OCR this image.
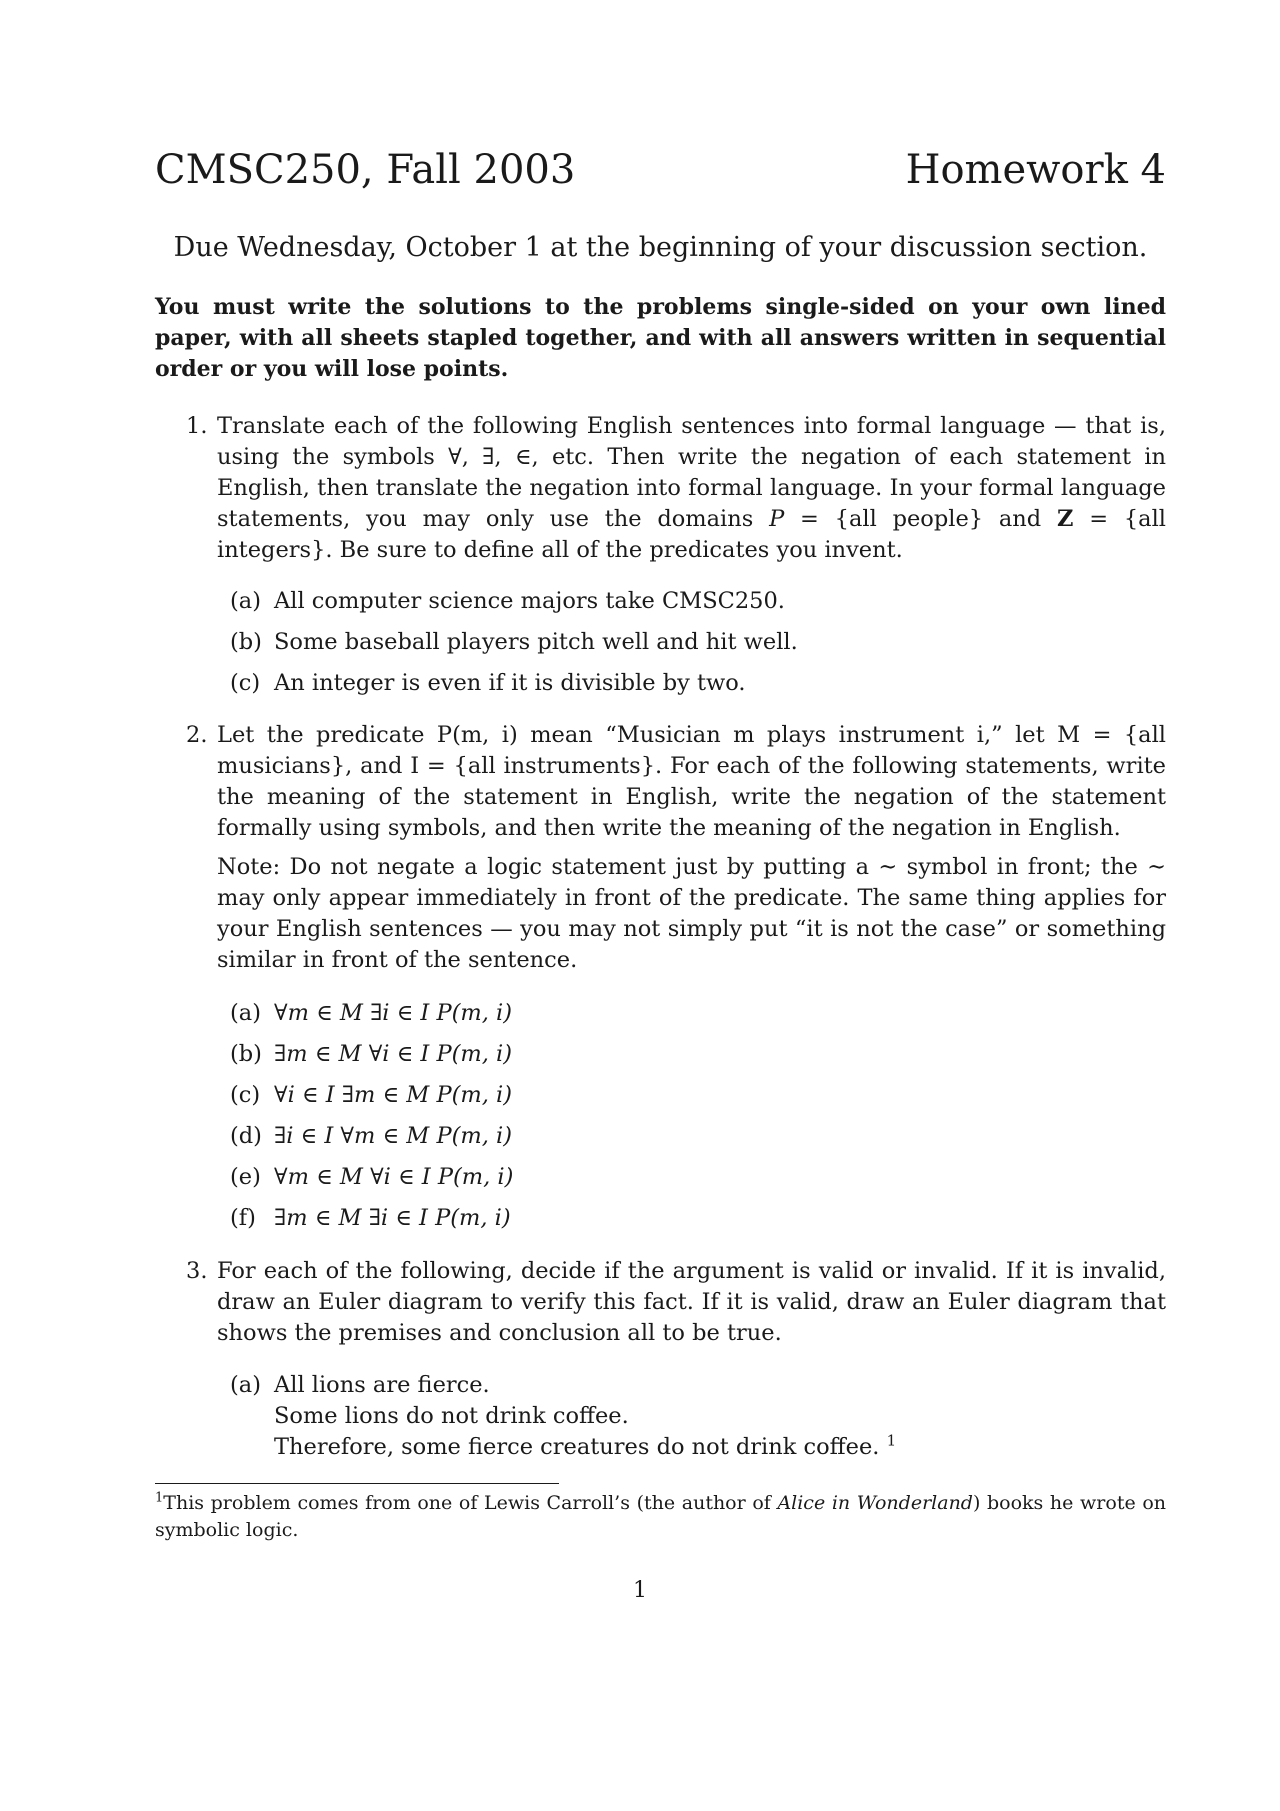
CMSC250, Fall 2003	Homework 4
Due Wednesday, October 1 at the beginning of your discussion section.
You must write the solutions to the problems single-sided on your own lined paper, with all sheets stapled together, and with all answers written in sequential order or you will lose points.
1. Translate each of the following English sentences into formal language — that is, using the symbols ∀, ∃, ∈, etc. Then write the negation of each statement in English, then translate the negation into formal language. In your formal language statements, you may only use the domains P = {all people} and Z = {all integers}. Be sure to define all of the predicates you invent.
(a) All computer science majors take CMSC250.
(b) Some baseball players pitch well and hit well.
(c) An integer is even if it is divisible by two.
2. Let the predicate P(m, i) mean “Musician m plays instrument i,” let M = {all musicians}, and I = {all instruments}. For each of the following statements, write the meaning of the statement in English, write the negation of the statement formally using symbols, and then write the meaning of the negation in English.
Note: Do not negate a logic statement just by putting a ∼ symbol in front; the ∼ may only appear immediately in front of the predicate. The same thing applies for your English sentences — you may not simply put “it is not the case” or something similar in front of the sentence.
(a) ∀m ∈ M ∃i ∈ I P(m, i)
(b) ∃m ∈ M ∀i ∈ I P(m, i)
(c) ∀i ∈ I ∃m ∈ M P(m, i)
(d) ∃i ∈ I ∀m ∈ M P(m, i)
(e) ∀m ∈ M ∀i ∈ I P(m, i)
(f) ∃m ∈ M ∃i ∈ I P(m, i)
3. For each of the following, decide if the argument is valid or invalid. If it is invalid, draw an Euler diagram to verify this fact. If it is valid, draw an Euler diagram that shows the premises and conclusion all to be true.
(a) All lions are fierce.
Some lions do not drink coffee.
Therefore, some fierce creatures do not drink coffee. $^1$
$^1$This problem comes from one of Lewis Carroll’s (the author of Alice in Wonderland) books he wrote on symbolic logic.
1
